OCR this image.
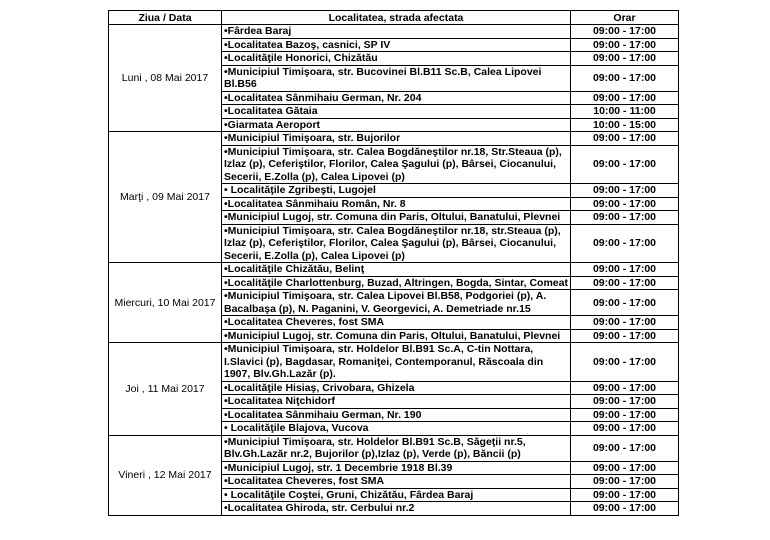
Ziua / Data	Localitatea, strada afectata	Orar
Luni , 08 Mai 2017	•Fârdea Baraj	09:00 - 17:00
	•Localitatea Bazoş, casnici, SP IV	09:00 - 17:00
	•Localităţile Honorici, Chizătău	09:00 - 17:00
	•Municipiul Timişoara, str. Bucovinei Bl.B11 Sc.B, Calea Lipovei Bl.B56	09:00 - 17:00
	•Localitatea Sânmihaiu German, Nr. 204	09:00 - 17:00
	•Localitatea Gătaia	10:00 - 11:00
	•Giarmata Aeroport	10:00 - 15:00
Marţi , 09 Mai 2017	•Municipiul Timişoara, str. Bujorilor	09:00 - 17:00
	•Municipiul Timişoara, str. Calea Bogdăneştilor nr.18, Str.Steaua (p), Izlaz (p), Ceferiştilor, Florilor, Calea Şagului (p), Bârsei, Ciocanului, Secerii, E.Zolla (p), Calea Lipovei (p)	09:00 - 17:00
	• Localităţile Zgribeşti, Lugojel	09:00 - 17:00
	•Localitatea Sânmihaiu Român, Nr. 8	09:00 - 17:00
	•Municipiul Lugoj, str. Comuna din Paris, Oltului, Banatului, Plevnei	09:00 - 17:00
	•Municipiul Timişoara, str. Calea Bogdăneştilor nr.18, str.Steaua (p), Izlaz (p), Ceferiştilor, Florilor, Calea Şagului (p), Bârsei, Ciocanului, Secerii, E.Zolla (p), Calea Lipovei (p)	09:00 - 17:00
Miercuri, 10 Mai 2017	•Localităţile Chizătău, Belinţ	09:00 - 17:00
	•Localităţile Charlottenburg, Buzad, Altringen, Bogda, Sintar, Comeat	09:00 - 17:00
	•Municipiul Timişoara, str. Calea Lipovei Bl.B58, Podgoriei (p), A. Bacalbaşa (p), N. Paganini, V. Georgevici, A. Demetriade nr.15	09:00 - 17:00
	•Localitatea Cheveres, fost SMA	09:00 - 17:00
	•Municipiul Lugoj, str. Comuna din Paris, Oltului, Banatului, Plevnei	09:00 - 17:00
Joi , 11 Mai 2017	•Municipiul Timişoara, str. Holdelor Bl.B91 Sc.A, C-tin Nottara, I.Slavici (p), Bagdasar, Romaniţei, Contemporanul, Răscoala din 1907, Blv.Gh.Lazăr (p).	09:00 - 17:00
	•Localităţile Hisiaş, Crivobara, Ghizela	09:00 - 17:00
	•Localitatea Niţchidorf	09:00 - 17:00
	•Localitatea Sânmihaiu German, Nr. 190	09:00 - 17:00
	• Localităţile Blajova, Vucova	09:00 - 17:00
Vineri , 12 Mai 2017	•Municipiul Timişoara, str. Holdelor Bl.B91 Sc.B, Săgeţii nr.5, Blv.Gh.Lazăr nr.2, Bujorilor (p),Izlaz (p), Verde (p), Băncii (p)	09:00 - 17:00
	•Municipiul Lugoj, str. 1 Decembrie 1918 Bl.39	09:00 - 17:00
	•Localitatea Cheveres, fost SMA	09:00 - 17:00
	• Localităţile Coştei, Gruni, Chizătău, Fârdea Baraj	09:00 - 17:00
	•Localitatea Ghiroda, str. Cerbului nr.2	09:00 - 17:00
